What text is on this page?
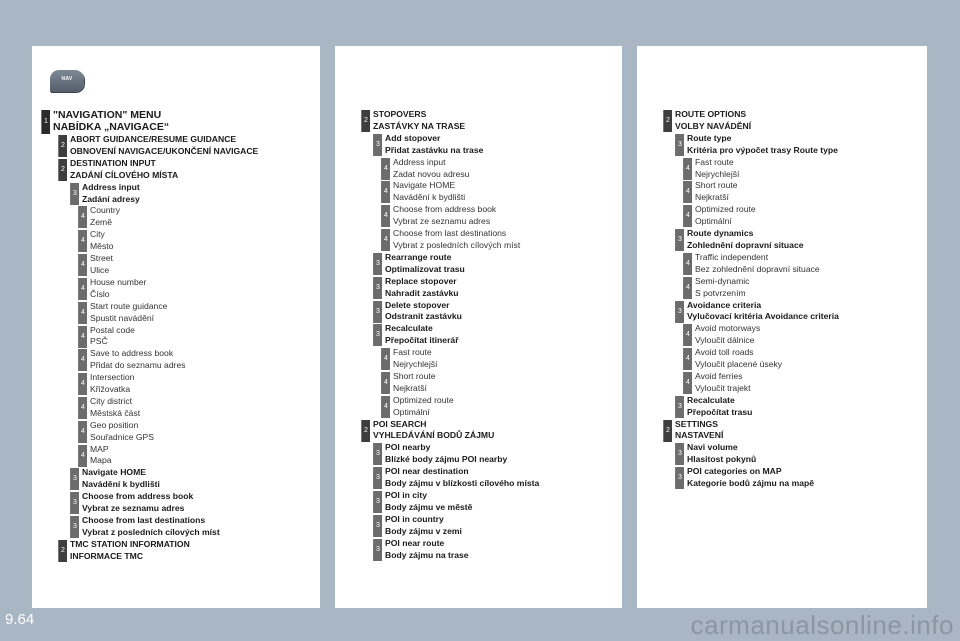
NAV
1
"NAVIGATION" MENU
NABÍDKA „NAVIGACE“
2
ABORT GUIDANCE/RESUME GUIDANCE
OBNOVENÍ NAVIGACE/UKONČENÍ NAVIGACE
2
DESTINATION INPUT
ZADÁNÍ CÍLOVÉHO MÍSTA
3
Address input
Zadání adresy
4
Country
Země
4
City
Město
4
Street
Ulice
4
House number
Číslo
4
Start route guidance
Spustit navádění
4
Postal code
PSČ
4
Save to address book
Přidat do seznamu adres
4
Intersection
Křižovatka
4
City district
Městská část
4
Geo position
Souřadnice GPS
4
MAP
Mapa
3
Navigate HOME
Navádění k bydlišti
3
Choose from address book
Vybrat ze seznamu adres
3
Choose from last destinations
Vybrat z posledních cílových míst
2
TMC STATION INFORMATION
INFORMACE TMC
2
STOPOVERS
ZASTÁVKY NA TRASE
3
Add stopover
Přidat zastávku na trase
4
Address input
Zadat novou adresu
4
Navigate HOME
Navádění k bydlišti
4
Choose from address book
Vybrat ze seznamu adres
4
Choose from last destinations
Vybrat z posledních cílových míst
3
Rearrange route
Optimalizovat trasu
3
Replace stopover
Nahradit zastávku
3
Delete stopover
Odstranit zastávku
3
Recalculate
Přepočítat itinerář
4
Fast route
Nejrychlejší
4
Short route
Nejkratší
4
Optimized route
Optimální
2
POI SEARCH
VYHLEDÁVÁNÍ BODŮ ZÁJMU
3
POI nearby
Blízké body zájmu POI nearby
3
POI near destination
Body zájmu v blízkosti cílového místa
3
POI in city
Body zájmu ve městě
3
POI in country
Body zájmu v zemi
3
POI near route
Body zájmu na trase
2
ROUTE OPTIONS
VOLBY NAVÁDĚNÍ
3
Route type
Kritéria pro výpočet trasy Route type
4
Fast route
Nejrychlejší
4
Short route
Nejkratší
4
Optimized route
Optimální
3
Route dynamics
Zohlednění dopravní situace
4
Traffic independent
Bez zohlednění dopravní situace
4
Semi-dynamic
S potvrzením
3
Avoidance criteria
Vylučovací kritéria Avoidance criteria
4
Avoid motorways
Vyloučit dálnice
4
Avoid toll roads
Vyloučit placené úseky
4
Avoid ferries
Vyloučit trajekt
3
Recalculate
Přepočítat trasu
2
SETTINGS
NASTAVENÍ
3
Navi volume
Hlasitost pokynů
3
POI categories on MAP
Kategorie bodů zájmu na mapě
9.64	carmanualsonline.info
